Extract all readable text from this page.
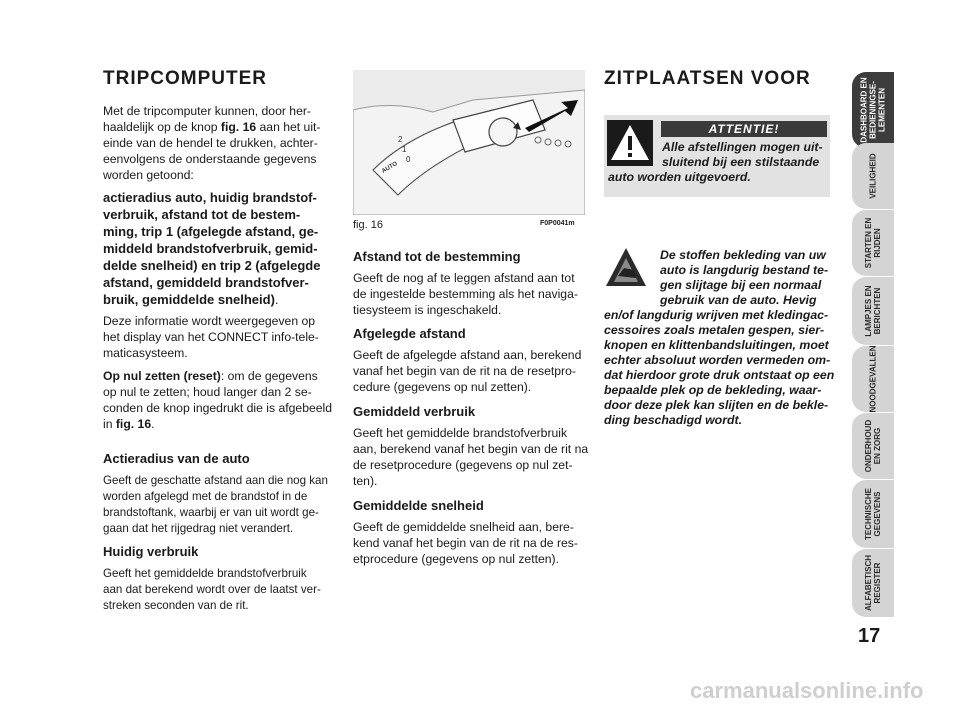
TRIPCOMPUTER

Met de tripcomputer kunnen, door her-

haaldelijk op de knop fig. 16 aan het uit-

einde van de hendel te drukken, achter-

eenvolgens de onderstaande gegevens

worden getoond:

actieradius auto, huidig brandstof-

verbruik, afstand tot de bestem-

ming, trip 1 (afgelegde afstand, ge-

middeld brandstofverbruik, gemid-

delde snelheid) en trip 2 (afgelegde

afstand, gemiddeld brandstofver-

bruik, gemiddelde snelheid).

Deze informatie wordt weergegeven op

het display van het CONNECT info-tele-

maticasysteem.

Op nul zetten (reset): om de gegevens

op nul te zetten; houd langer dan 2 se-

conden de knop ingedrukt die is afgebeeld

in fig. 16.

Actieradius van de auto

Geeft de geschatte afstand aan die nog kan

worden afgelegd met de brandstof in de

brandstoftank, waarbij er van uit wordt ge-

gaan dat het rijgedrag niet verandert.

Huidig verbruik

Geeft het gemiddelde brandstofverbruik

aan dat berekend wordt over de laatst ver-

streken seconden van de rit.

2
1
0
AUTO
fig. 16	F0P0041m

Afstand tot de bestemming

Geeft de nog af te leggen afstand aan tot

de ingestelde bestemming als het naviga-

tiesysteem is ingeschakeld.

Afgelegde afstand

Geeft de afgelegde afstand aan, berekend

vanaf het begin van de rit na de resetpro-

cedure (gegevens op nul zetten).

Gemiddeld verbruik

Geeft het gemiddelde brandstofverbruik

aan, berekend vanaf het begin van de rit na

de resetprocedure (gegevens op nul zet-

ten).

Gemiddelde snelheid

Geeft de gemiddelde snelheid aan, bere-

kend vanaf het begin van de rit na de res-

etprocedure (gegevens op nul zetten).

ZITPLAATSEN VOOR
ATTENTIE!

Alle afstellingen mogen uit-

sluitend bij een stilstaande

auto worden uitgevoerd.

De stoffen bekleding van uw

auto is langdurig bestand te-

gen slijtage bij een normaal

gebruik van de auto. Hevig

en/of langdurig wrijven met kledingac-

cessoires zoals metalen gespen, sier-

knopen en klittenbandsluitingen, moet

echter absoluut worden vermeden om-

dat hierdoor grote druk ontstaat op een

bepaalde plek op de bekleding, waar-

door deze plek kan slijten en de bekle-

ding beschadigd wordt.

DASHBOARD EN
BEDIENINGSE-
LEMENTEN
VEILIGHEID
STARTEN EN
RIJDEN
LAMPJES EN
BERICHTEN
NOODGEVALLEN
ONDERHOUD
EN ZORG
TECHNISCHE
GEGEVENS
ALFABETISCH
REGISTER
17
carmanualsonline.info
